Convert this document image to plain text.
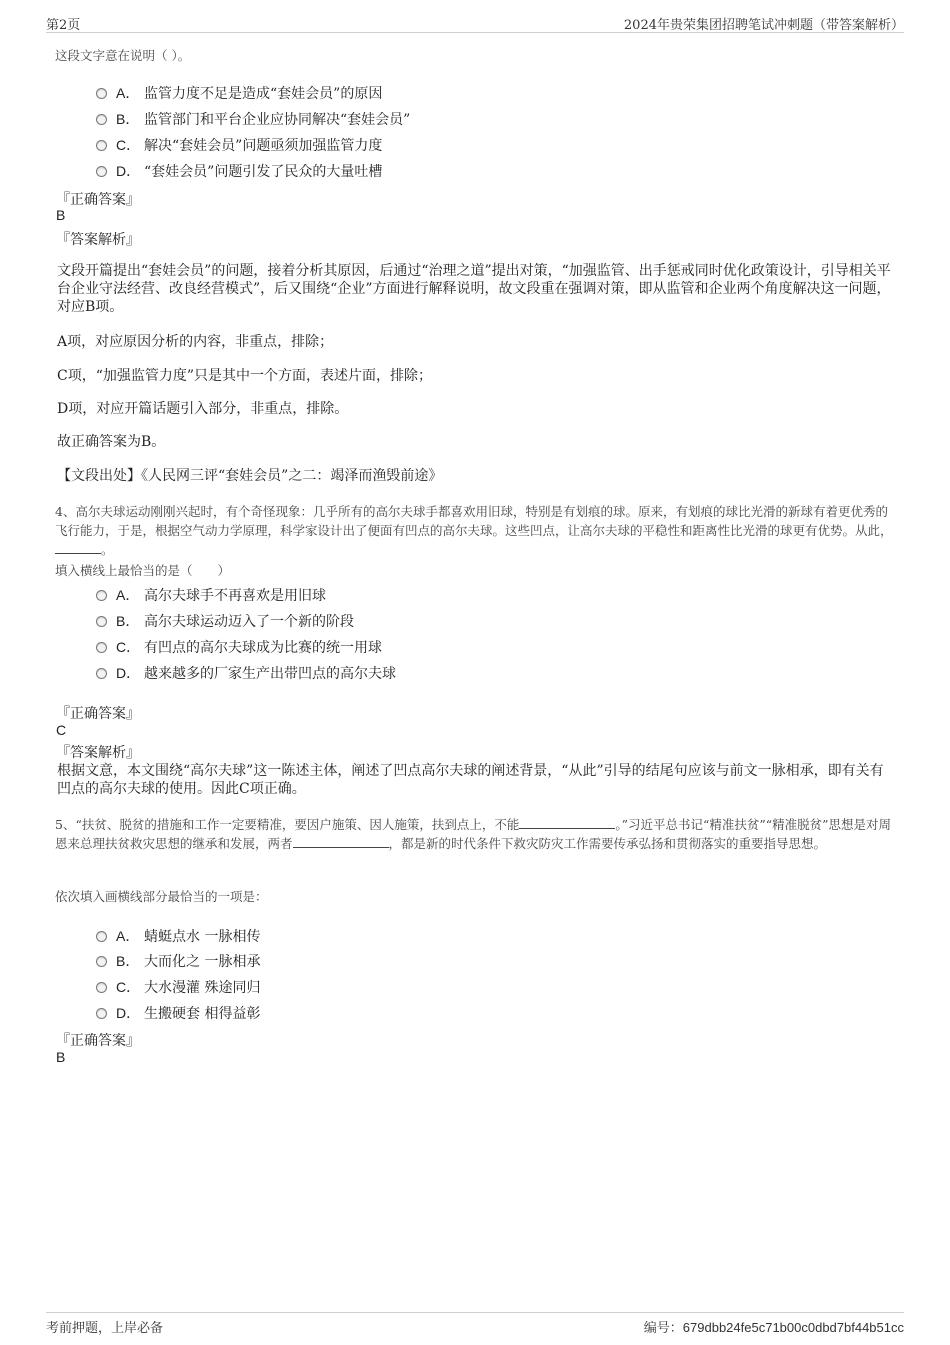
第2页	2024年贵荣集团招聘笔试冲刺题（带答案解析）
这段文字意在说明（ ）。
A． 监管力度不足是造成“套娃会员”的原因
B． 监管部门和平台企业应协同解决“套娃会员”
C． 解决“套娃会员”问题亟须加强监管力度
D． “套娃会员”问题引发了民众的大量吐槽
『正确答案』
B
『答案解析』
文段开篇提出“套娃会员”的问题，接着分析其原因，后通过“治理之道”提出对策，“加强监管、出手惩戒同时优化政策设计，引导相关平台企业守法经营、改良经营模式”，后又围绕“企业”方面进行解释说明，故文段重在强调对策，即从监管和企业两个角度解决这一问题，对应B项。
A项，对应原因分析的内容，非重点，排除；
C项，“加强监管力度”只是其中一个方面，表述片面，排除；
D项，对应开篇话题引入部分，非重点，排除。
故正确答案为B。
【文段出处】《人民网三评“套娃会员”之二：竭泽而渔毁前途》
4、高尔夫球运动刚刚兴起时，有个奇怪现象：几乎所有的高尔夫球手都喜欢用旧球，特别是有划痕的球。原来，有划痕的球比光滑的新球有着更优秀的飞行能力，于是，根据空气动力学原理，科学家设计出了便面有凹点的高尔夫球。这些凹点，让高尔夫球的平稳性和距离性比光滑的球更有优势。从此，。
填入横线上最恰当的是（　　）
A． 高尔夫球手不再喜欢是用旧球
B． 高尔夫球运动迈入了一个新的阶段
C． 有凹点的高尔夫球成为比赛的统一用球
D． 越来越多的厂家生产出带凹点的高尔夫球
『正确答案』
C
『答案解析』
根据文意，本文围绕“高尔夫球”这一陈述主体，阐述了凹点高尔夫球的阐述背景，“从此”引导的结尾句应该与前文一脉相承，即有关有凹点的高尔夫球的使用。因此C项正确。
5、“扶贫、脱贫的措施和工作一定要精准，要因户施策、因人施策，扶到点上，不能	。”习近平总书记“精准扶贫”“精准脱贫”思想是对周恩来总理扶贫救灾思想的继承和发展，两者	，都是新的时代条件下救灾防灾工作需要传承弘扬和贯彻落实的重要指导思想。
依次填入画横线部分最恰当的一项是：
A． 蜻蜓点水 一脉相传
B． 大而化之 一脉相承
C． 大水漫灌 殊途同归
D． 生搬硬套 相得益彰
『正确答案』
B
考前押题，上岸必备	编号：679dbb24fe5c71b00c0dbd7bf44b51cc
